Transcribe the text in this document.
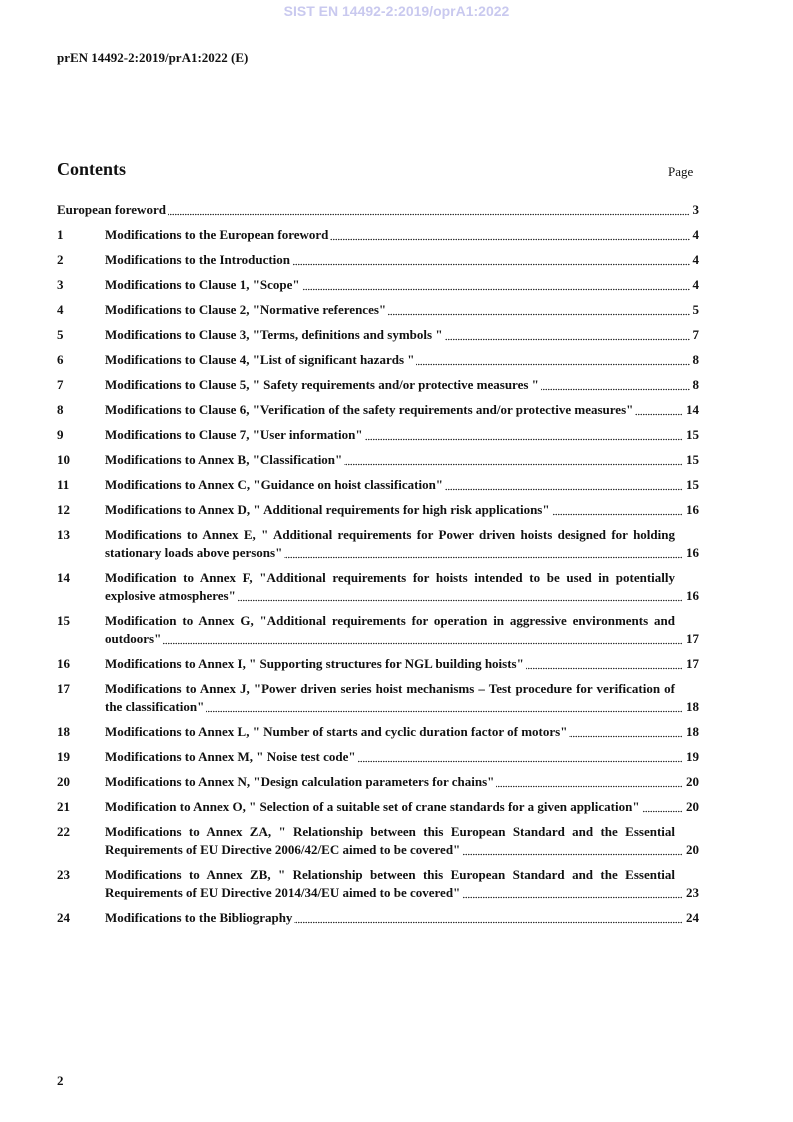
SIST EN 14492-2:2019/oprA1:2022
prEN 14492-2:2019/prA1:2022 (E)
Contents	Page
European foreword	3
1	Modifications to the European foreword	4
2	Modifications to the Introduction	4
3	Modifications to Clause 1, "Scope"	4
4	Modifications to Clause 2, "Normative references"	5
5	Modifications to Clause 3, "Terms, definitions and symbols "	7
6	Modifications to Clause 4, "List of significant hazards "	8
7	Modifications to Clause 5, " Safety requirements and/or protective measures "	8
8	Modifications to Clause 6, "Verification of the safety requirements and/or protective measures"	14
9	Modifications to Clause 7, "User information"	15
10	Modifications to Annex B, "Classification"	15
11	Modifications to Annex C, "Guidance on hoist classification"	15
12	Modifications to Annex D, " Additional requirements for high risk applications"	16
13	Modifications to Annex E, " Additional requirements for Power driven hoists designed for holding stationary loads above persons"	16
14	Modification to Annex F, "Additional requirements for hoists intended to be used in potentially explosive atmospheres"	16
15	Modification to Annex G, "Additional requirements for operation in aggressive environments and outdoors"	17
16	Modifications to Annex I, " Supporting structures for NGL building hoists"	17
17	Modifications to Annex J, "Power driven series hoist mechanisms – Test procedure for verification of the classification"	18
18	Modifications to Annex L, " Number of starts and cyclic duration factor of motors"	18
19	Modifications to Annex M, " Noise test code"	19
20	Modifications to Annex N, "Design calculation parameters for chains"	20
21	Modification to Annex O, " Selection of a suitable set of crane standards for a given application"	20
22	Modifications to Annex ZA, " Relationship between this European Standard and the Essential Requirements of EU Directive 2006/42/EC aimed to be covered"	20
23	Modifications to Annex ZB, " Relationship between this European Standard and the Essential Requirements of EU Directive 2014/34/EU aimed to be covered"	23
24	Modifications to the Bibliography	24
2
